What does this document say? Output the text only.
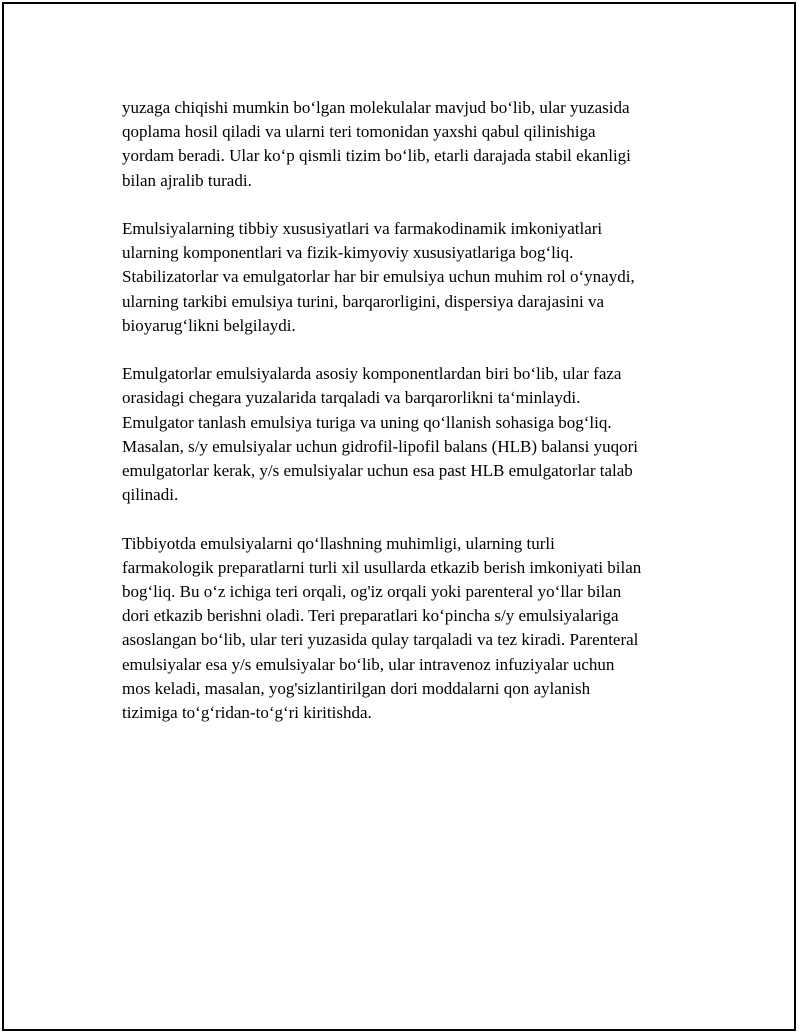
yuzaga chiqishi mumkin bo‘lgan molekulalar mavjud bo‘lib, ular yuzasida
qoplama hosil qiladi va ularni teri tomonidan yaxshi qabul qilinishiga
yordam beradi. Ular ko‘p qismli tizim bo‘lib, etarli darajada stabil ekanligi
bilan ajralib turadi.

Emulsiyalarning tibbiy xususiyatlari va farmakodinamik imkoniyatlari
ularning komponentlari va fizik-kimyoviy xususiyatlariga bog‘liq.
Stabilizatorlar va emulgatorlar har bir emulsiya uchun muhim rol o‘ynaydi,
ularning tarkibi emulsiya turini, barqarorligini, dispersiya darajasini va
bioyarug‘likni belgilaydi.

Emulgatorlar emulsiyalarda asosiy komponentlardan biri bo‘lib, ular faza
orasidagi chegara yuzalarida tarqaladi va barqarorlikni ta‘minlaydi.
Emulgator tanlash emulsiya turiga va uning qo‘llanish sohasiga bog‘liq.
Masalan, s/y emulsiyalar uchun gidrofil-lipofil balans (HLB) balansi yuqori
emulgatorlar kerak, y/s emulsiyalar uchun esa past HLB emulgatorlar talab
qilinadi.

Tibbiyotda emulsiyalarni qo‘llashning muhimligi, ularning turli
farmakologik preparatlarni turli xil usullarda etkazib berish imkoniyati bilan
bog‘liq. Bu o‘z ichiga teri orqali, og'iz orqali yoki parenteral yo‘llar bilan
dori etkazib berishni oladi. Teri preparatlari ko‘pincha s/y emulsiyalariga
asoslangan bo‘lib, ular teri yuzasida qulay tarqaladi va tez kiradi. Parenteral
emulsiyalar esa y/s emulsiyalar bo‘lib, ular intravenoz infuziyalar uchun
mos keladi, masalan, yog'sizlantirilgan dori moddalarni qon aylanish
tizimiga to‘g‘ridan-to‘g‘ri kiritishda.
